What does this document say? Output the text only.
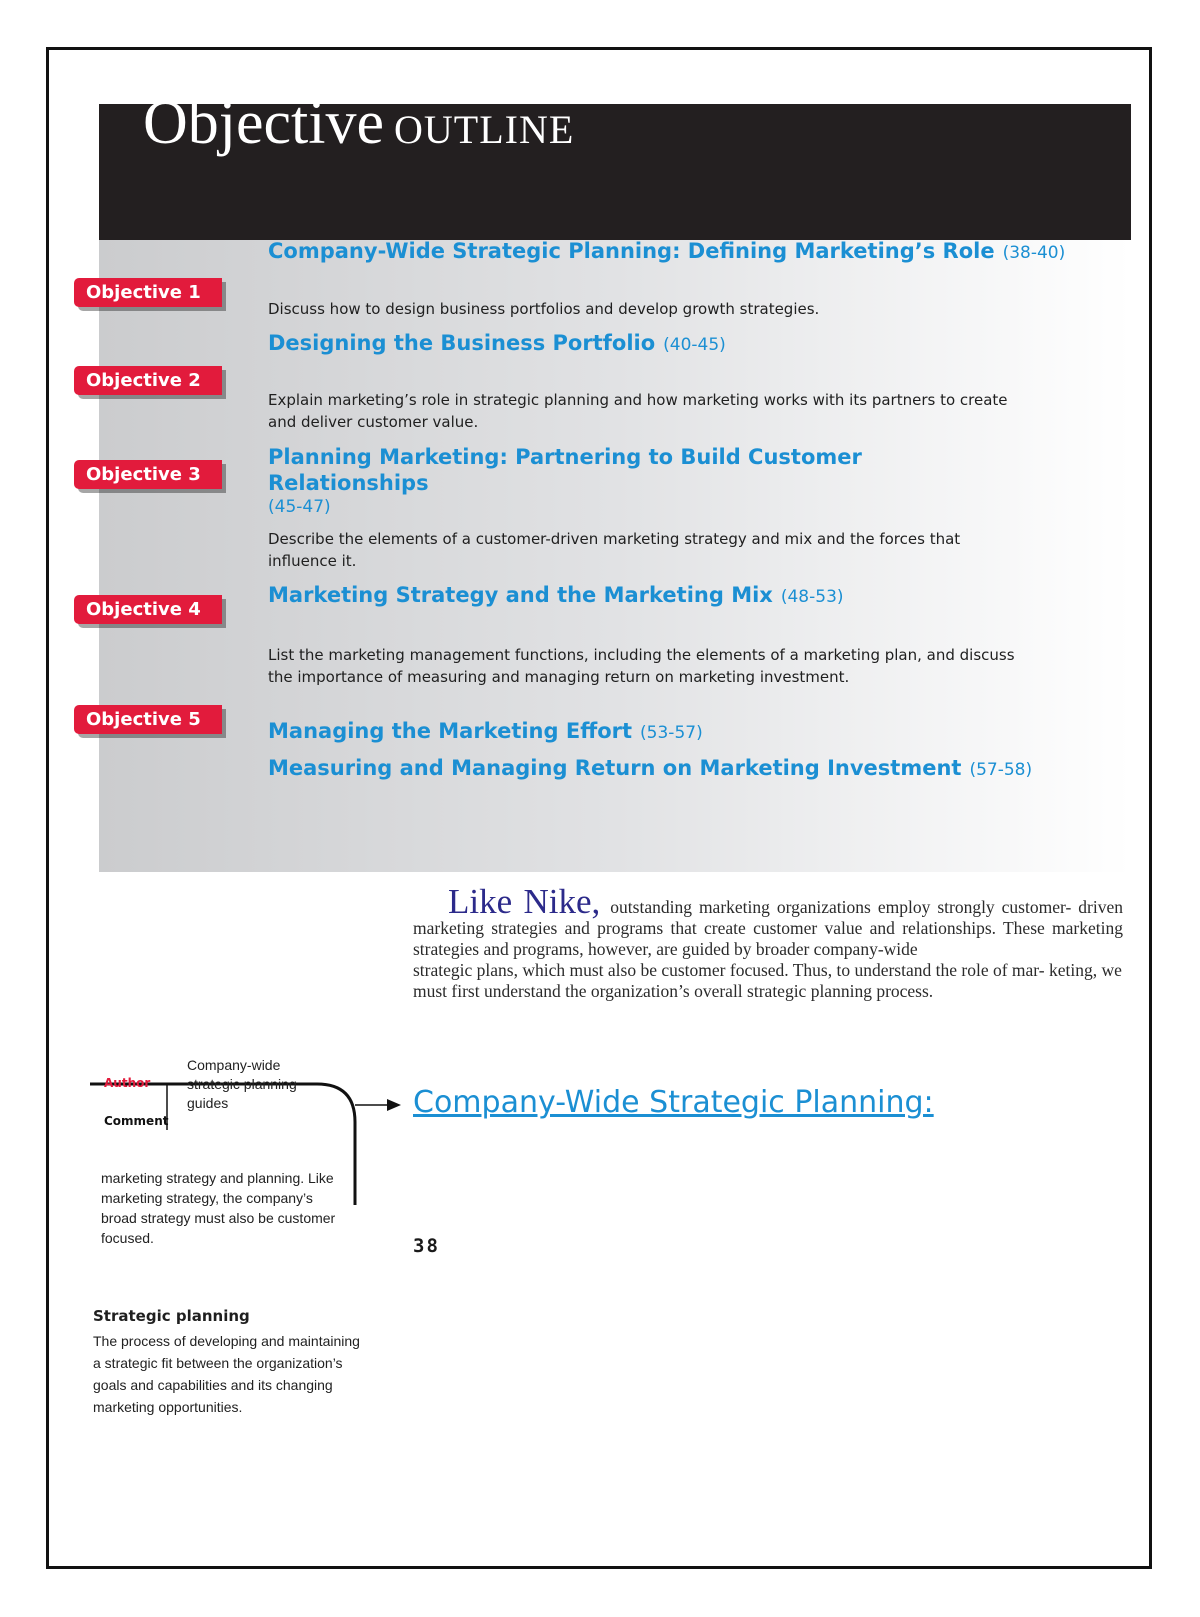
Objective OUTLINE
Objective 1
Objective 2
Objective 3
Objective 4
Objective 5
Company-Wide Strategic Planning: Defining Marketing’s Role (38-40)
Discuss how to design business portfolios and develop growth strategies.
Designing the Business Portfolio (40-45)
Explain marketing’s role in strategic planning and how marketing works with its partners to create and deliver customer value.
Planning Marketing: Partnering to Build Customer Relationships
(45-47)
Describe the elements of a customer-driven marketing strategy and mix and the forces that influence it.
Marketing Strategy and the Marketing Mix (48-53)
List the marketing management functions, including the elements of a marketing plan, and discuss the importance of measuring and managing return on marketing investment.
Managing the Marketing Effort (53-57)
Measuring and Managing Return on Marketing Investment (57-58)
Like Nike, outstanding marketing organizations employ strongly customer- driven marketing strategies and programs that create customer value and relationships. These marketing strategies and programs, however, are guided by broader company-wide
strategic plans, which must also be customer focused. Thus, to understand the role of mar- keting, we must first understand the organization’s overall strategic planning process.
Company-Wide Strategic Planning:
Author
Comment
Company-wide strategic planning guides
marketing strategy and planning. Like marketing strategy, the company’s broad strategy must also be customer focused.	38
Strategic planning
The process of developing and maintaining a strategic fit between the organization’s goals and capabilities and its changing marketing opportunities.
